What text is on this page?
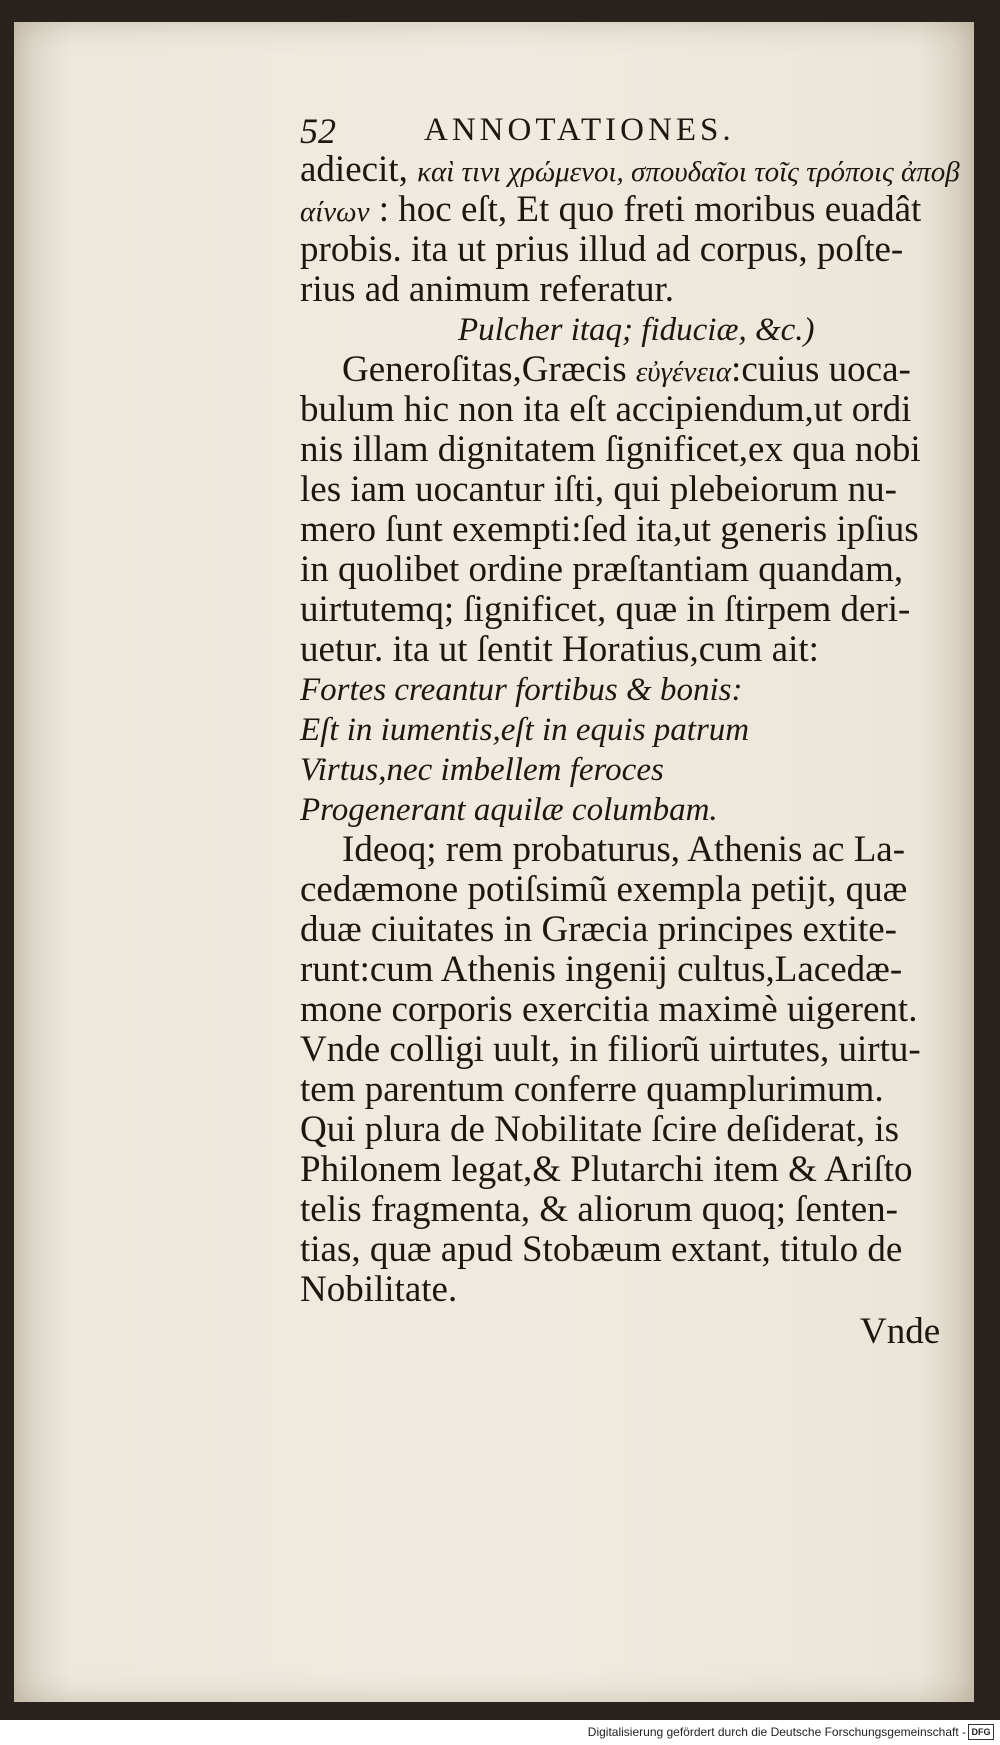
52	ANNOTATIONES.
adiecit, καὶ τινι χρώμενοι, σπουδαῖοι τοῖς τρόποις ἀποβ
αίνων : hoc eſt, Et quo freti moribus euadât
probis. ita ut prius illud ad corpus, poſte-
rius ad animum referatur.
Pulcher itaq; fiduciæ, &c.)
Generoſitas,Græcis εὐγένεια:cuius uoca-
bulum hic non ita eſt accipiendum,ut ordi
nis illam dignitatem ſignificet,ex qua nobi
les iam uocantur iſti, qui plebeiorum nu-
mero ſunt exempti:ſed ita,ut generis ipſius
in quolibet ordine præſtantiam quandam,
uirtutemq; ſignificet, quæ in ſtirpem deri-
uetur. ita ut ſentit Horatius,cum ait:
Fortes creantur fortibus & bonis:
Eſt in iumentis,eſt in equis patrum
Virtus,nec imbellem feroces
Progenerant aquilæ columbam.
Ideoq; rem probaturus, Athenis ac La-
cedæmone potiſsimũ exempla petijt, quæ
duæ ciuitates in Græcia principes extite-
runt:cum Athenis ingenij cultus,Lacedæ-
mone corporis exercitia maximè uigerent.
Vnde colligi uult, in filiorũ uirtutes, uirtu-
tem parentum conferre quamplurimum.
Qui plura de Nobilitate ſcire deſiderat, is
Philonem legat,& Plutarchi item & Ariſto
telis fragmenta, & aliorum quoq; ſenten-
tias, quæ apud Stobæum extant, titulo de
Nobilitate.
Vnde
Digitalisierung gefördert durch die Deutsche Forschungsgemeinschaft - DFG
